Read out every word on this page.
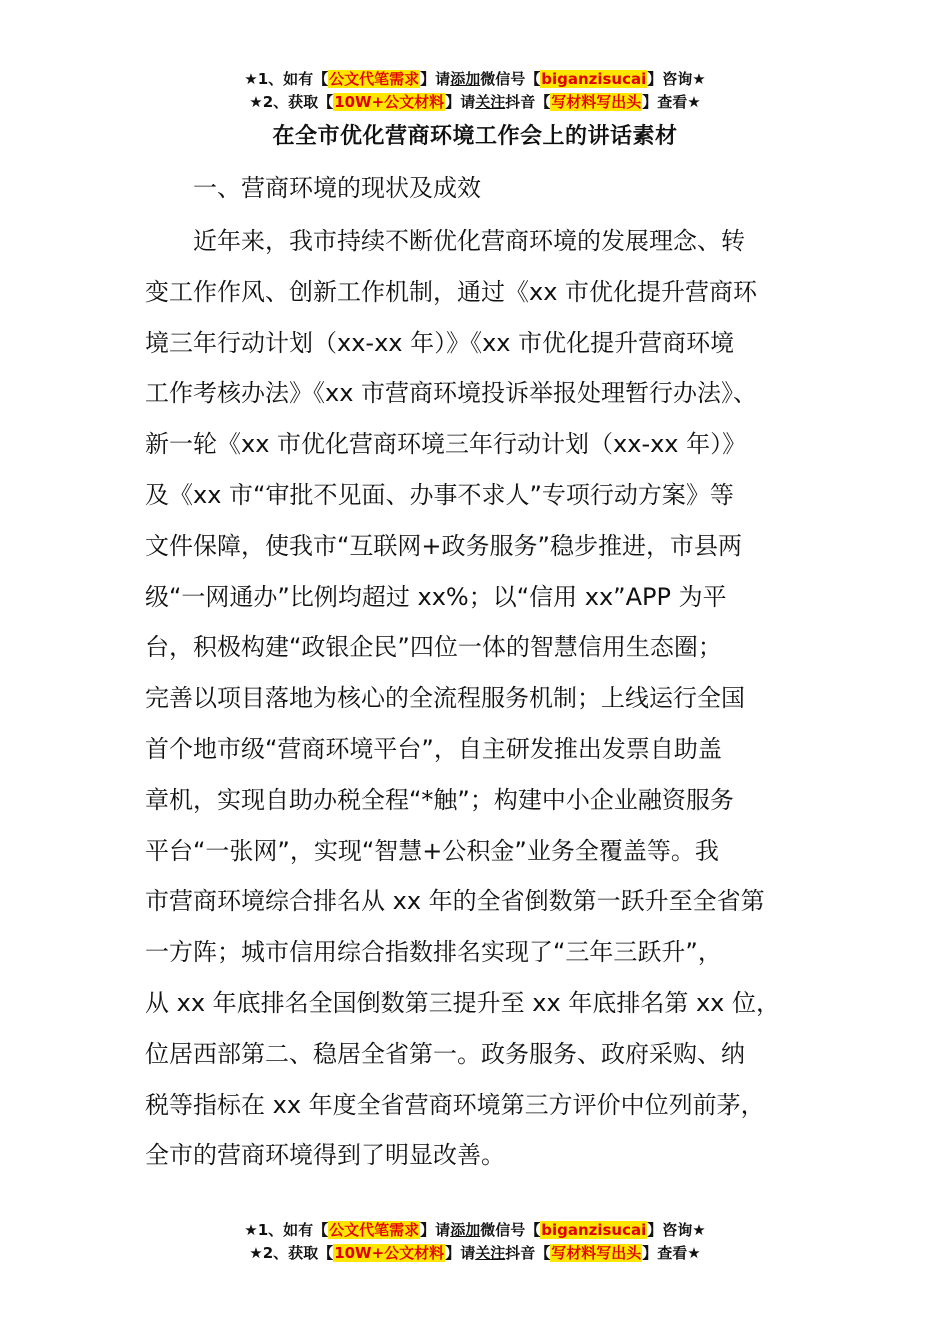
★1、如有【公文代笔需求】请添加微信号【biganzisucai】咨询★
★2、获取【10W+公文材料】请关注抖音【写材料写出头】查看★
在全市优化营商环境工作会上的讲话素材
一、营商环境的现状及成效
近年来，我市持续不断优化营商环境的发展理念、转
变工作作风、创新工作机制，通过《xx 市优化提升营商环
境三年行动计划（xx-xx 年）》《xx 市优化提升营商环境
工作考核办法》《xx 市营商环境投诉举报处理暂行办法》、
新一轮《xx 市优化营商环境三年行动计划（xx-xx 年）》
及《xx 市“审批不见面、办事不求人”专项行动方案》等
文件保障，使我市“互联网+政务服务”稳步推进，市县两
级“一网通办”比例均超过 xx%；以“信用 xx”APP 为平
台，积极构建“政银企民”四位一体的智慧信用生态圈；
完善以项目落地为核心的全流程服务机制；上线运行全国
首个地市级“营商环境平台”，自主研发推出发票自助盖
章机，实现自助办税全程“*触”；构建中小企业融资服务
平台“一张网”，实现“智慧+公积金”业务全覆盖等。我
市营商环境综合排名从 xx 年的全省倒数第一跃升至全省第
一方阵；城市信用综合指数排名实现了“三年三跃升”，
从 xx 年底排名全国倒数第三提升至 xx 年底排名第 xx 位，
位居西部第二、稳居全省第一。政务服务、政府采购、纳
税等指标在 xx 年度全省营商环境第三方评价中位列前茅，
全市的营商环境得到了明显改善。
★1、如有【公文代笔需求】请添加微信号【biganzisucai】咨询★
★2、获取【10W+公文材料】请关注抖音【写材料写出头】查看★
